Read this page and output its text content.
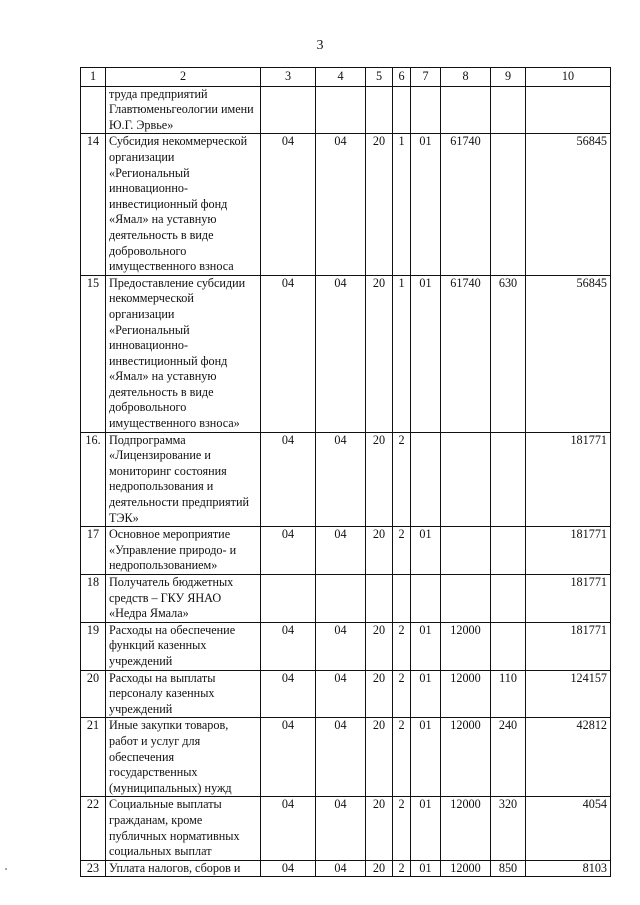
3
1	2	3	4	5	6	7	8	9	10
	труда предприятий Главтюменьгеологии имени Ю.Г. Эрвье»								
14	Субсидия некоммерческой организации «Региональный инновационно-инвестиционный фонд «Ямал» на уставную деятельность в виде добровольного имущественного взноса	04	04	20	1	01	61740		56845
15	Предоставление субсидии некоммерческой организации «Региональный инновационно-инвестиционный фонд «Ямал» на уставную деятельность в виде добровольного имущественного взноса»	04	04	20	1	01	61740	630	56845
16.	Подпрограмма «Лицензирование и мониторинг состояния недропользования и деятельности предприятий ТЭК»	04	04	20	2				181771
17	Основное мероприятие «Управление природо- и недропользованием»	04	04	20	2	01			181771
18	Получатель бюджетных средств – ГКУ ЯНАО «Недра Ямала»								181771
19	Расходы на обеспечение функций казенных учреждений	04	04	20	2	01	12000		181771
20	Расходы на выплаты персоналу казенных учреждений	04	04	20	2	01	12000	110	124157
21	Иные закупки товаров, работ и услуг для обеспечения государственных (муниципальных) нужд	04	04	20	2	01	12000	240	42812
22	Социальные выплаты гражданам, кроме публичных нормативных социальных выплат	04	04	20	2	01	12000	320	4054
23	Уплата налогов, сборов и	04	04	20	2	01	12000	850	8103
